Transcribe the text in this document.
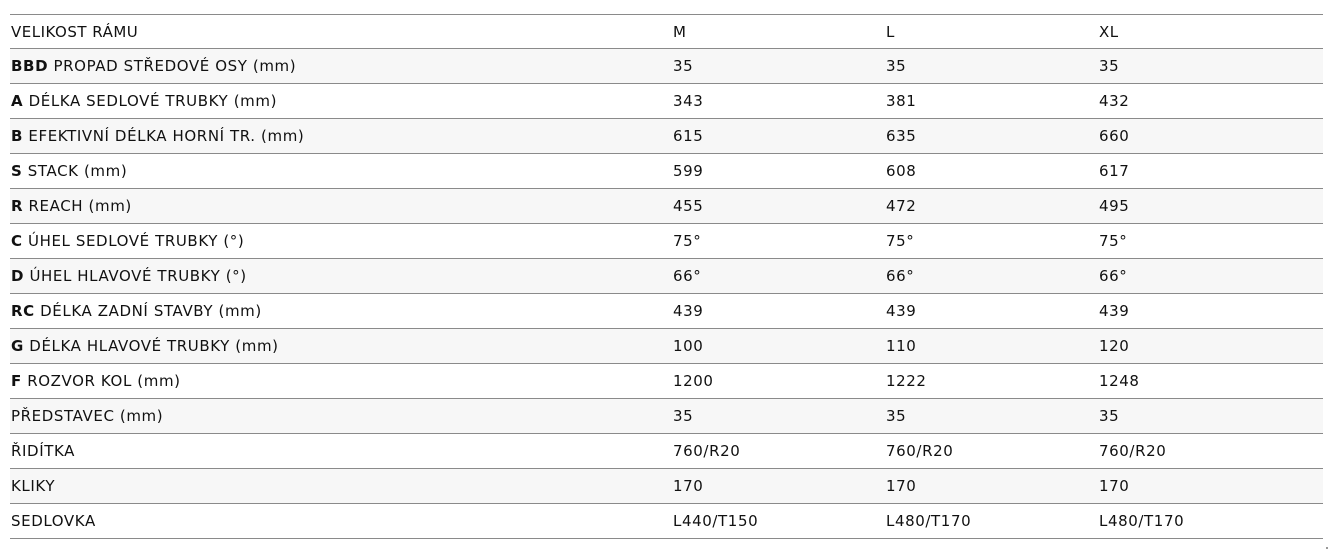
VELIKOST RÁMU	M	L	XL
BBD PROPAD STŘEDOVÉ OSY (mm)	35	35	35
A DÉLKA SEDLOVÉ TRUBKY (mm)	343	381	432
B EFEKTIVNÍ DÉLKA HORNÍ TR. (mm)	615	635	660
S STACK (mm)	599	608	617
R REACH (mm)	455	472	495
C ÚHEL SEDLOVÉ TRUBKY (°)	75°	75°	75°
D ÚHEL HLAVOVÉ TRUBKY (°)	66°	66°	66°
RC DÉLKA ZADNÍ STAVBY (mm)	439	439	439
G DÉLKA HLAVOVÉ TRUBKY (mm)	100	110	120
F ROZVOR KOL (mm)	1200	1222	1248
PŘEDSTAVEC (mm)	35	35	35
ŘIDÍTKA	760/R20	760/R20	760/R20
KLIKY	170	170	170
SEDLOVKA	L440/T150	L480/T170	L480/T170
